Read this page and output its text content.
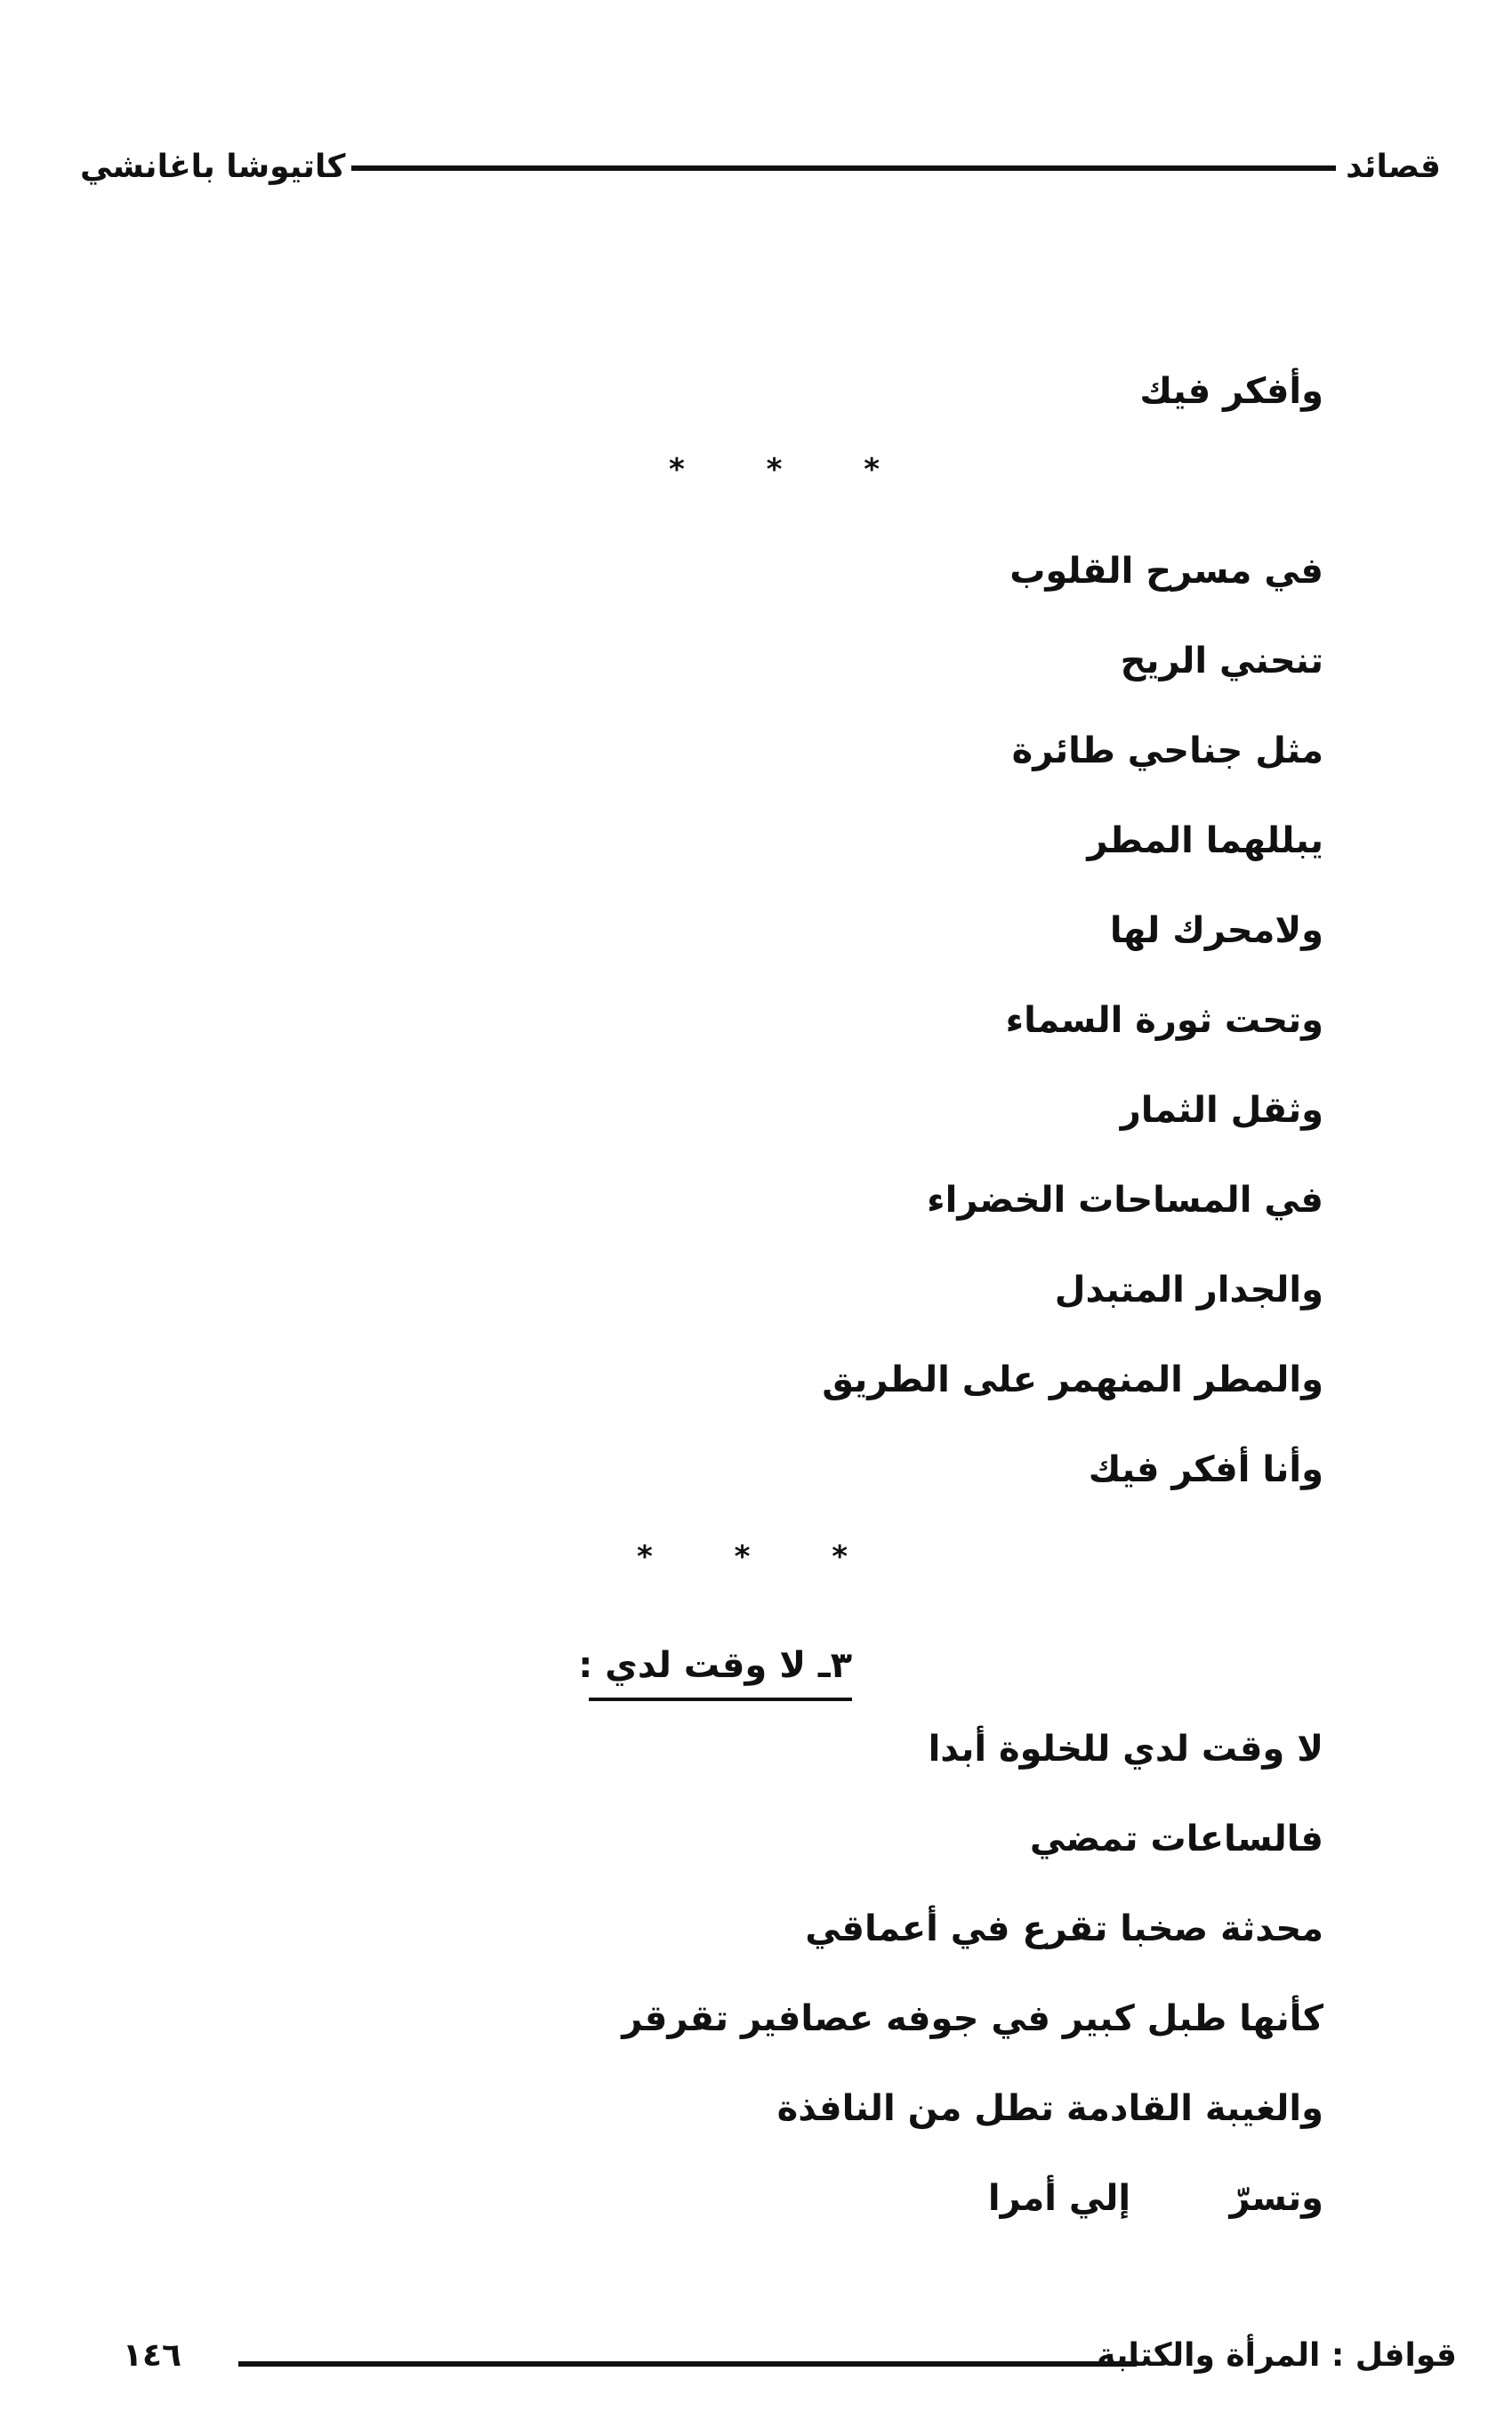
كاتيوشا باغانشي	قصائد
وأفكر فيك
* * *
في مسرح القلوب
تنحني الريح
مثل جناحي طائرة
يبللهما المطر
ولامحرك لها
وتحت ثورة السماء
وثقل الثمار
في المساحات الخضراء
والجدار المتبدل
والمطر المنهمر على الطريق
وأنا أفكر فيك
* * *
٣ـ لا وقت لدي :
لا وقت لدي للخلوة أبدا
فالساعات تمضي
محدثة صخبا تقرع في أعماقي
كأنها طبل كبير في جوفه عصافير تقرقر
والغيبة القادمة تطل من النافذة
وتسرّ        إلي أمرا
١٤٦	قوافل : المرأة والكتابة
